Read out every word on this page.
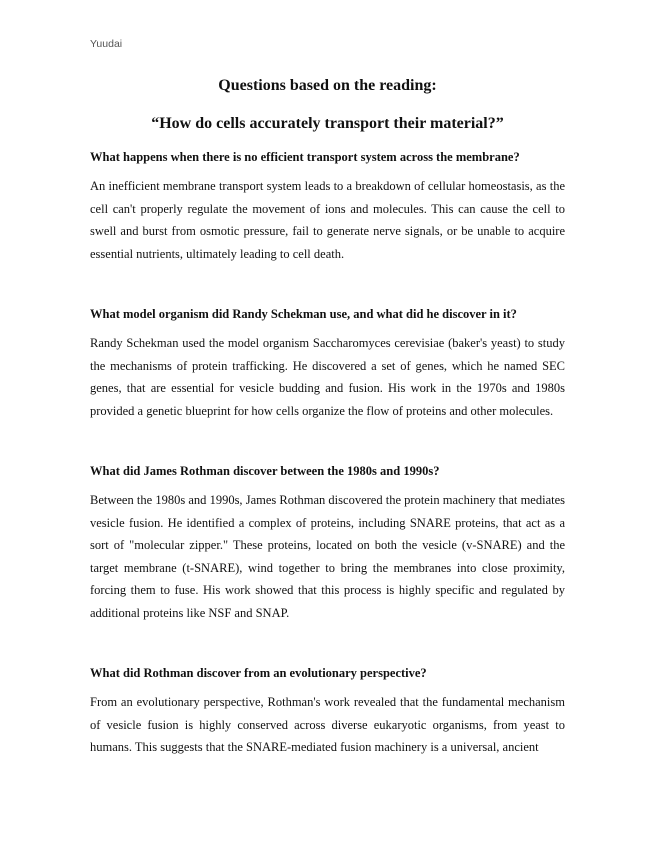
Yuudai
Questions based on the reading:
“How do cells accurately transport their material?”

What happens when there is no efficient transport system across the membrane?

An inefficient membrane transport system leads to a breakdown of cellular homeostasis, as the cell can't properly regulate the movement of ions and molecules. This can cause the cell to swell and burst from osmotic pressure, fail to generate nerve signals, or be unable to acquire essential nutrients, ultimately leading to cell death.

What model organism did Randy Schekman use, and what did he discover in it?

Randy Schekman used the model organism Saccharomyces cerevisiae (baker's yeast) to study the mechanisms of protein trafficking. He discovered a set of genes, which he named SEC genes, that are essential for vesicle budding and fusion. His work in the 1970s and 1980s provided a genetic blueprint for how cells organize the flow of proteins and other molecules.

What did James Rothman discover between the 1980s and 1990s?

Between the 1980s and 1990s, James Rothman discovered the protein machinery that mediates vesicle fusion. He identified a complex of proteins, including SNARE proteins, that act as a sort of "molecular zipper." These proteins, located on both the vesicle (v-SNARE) and the target membrane (t-SNARE), wind together to bring the membranes into close proximity, forcing them to fuse. His work showed that this process is highly specific and regulated by additional proteins like NSF and SNAP.

What did Rothman discover from an evolutionary perspective?

From an evolutionary perspective, Rothman's work revealed that the fundamental mechanism of vesicle fusion is highly conserved across diverse eukaryotic organisms, from yeast to humans. This suggests that the SNARE-mediated fusion machinery is a universal, ancient
